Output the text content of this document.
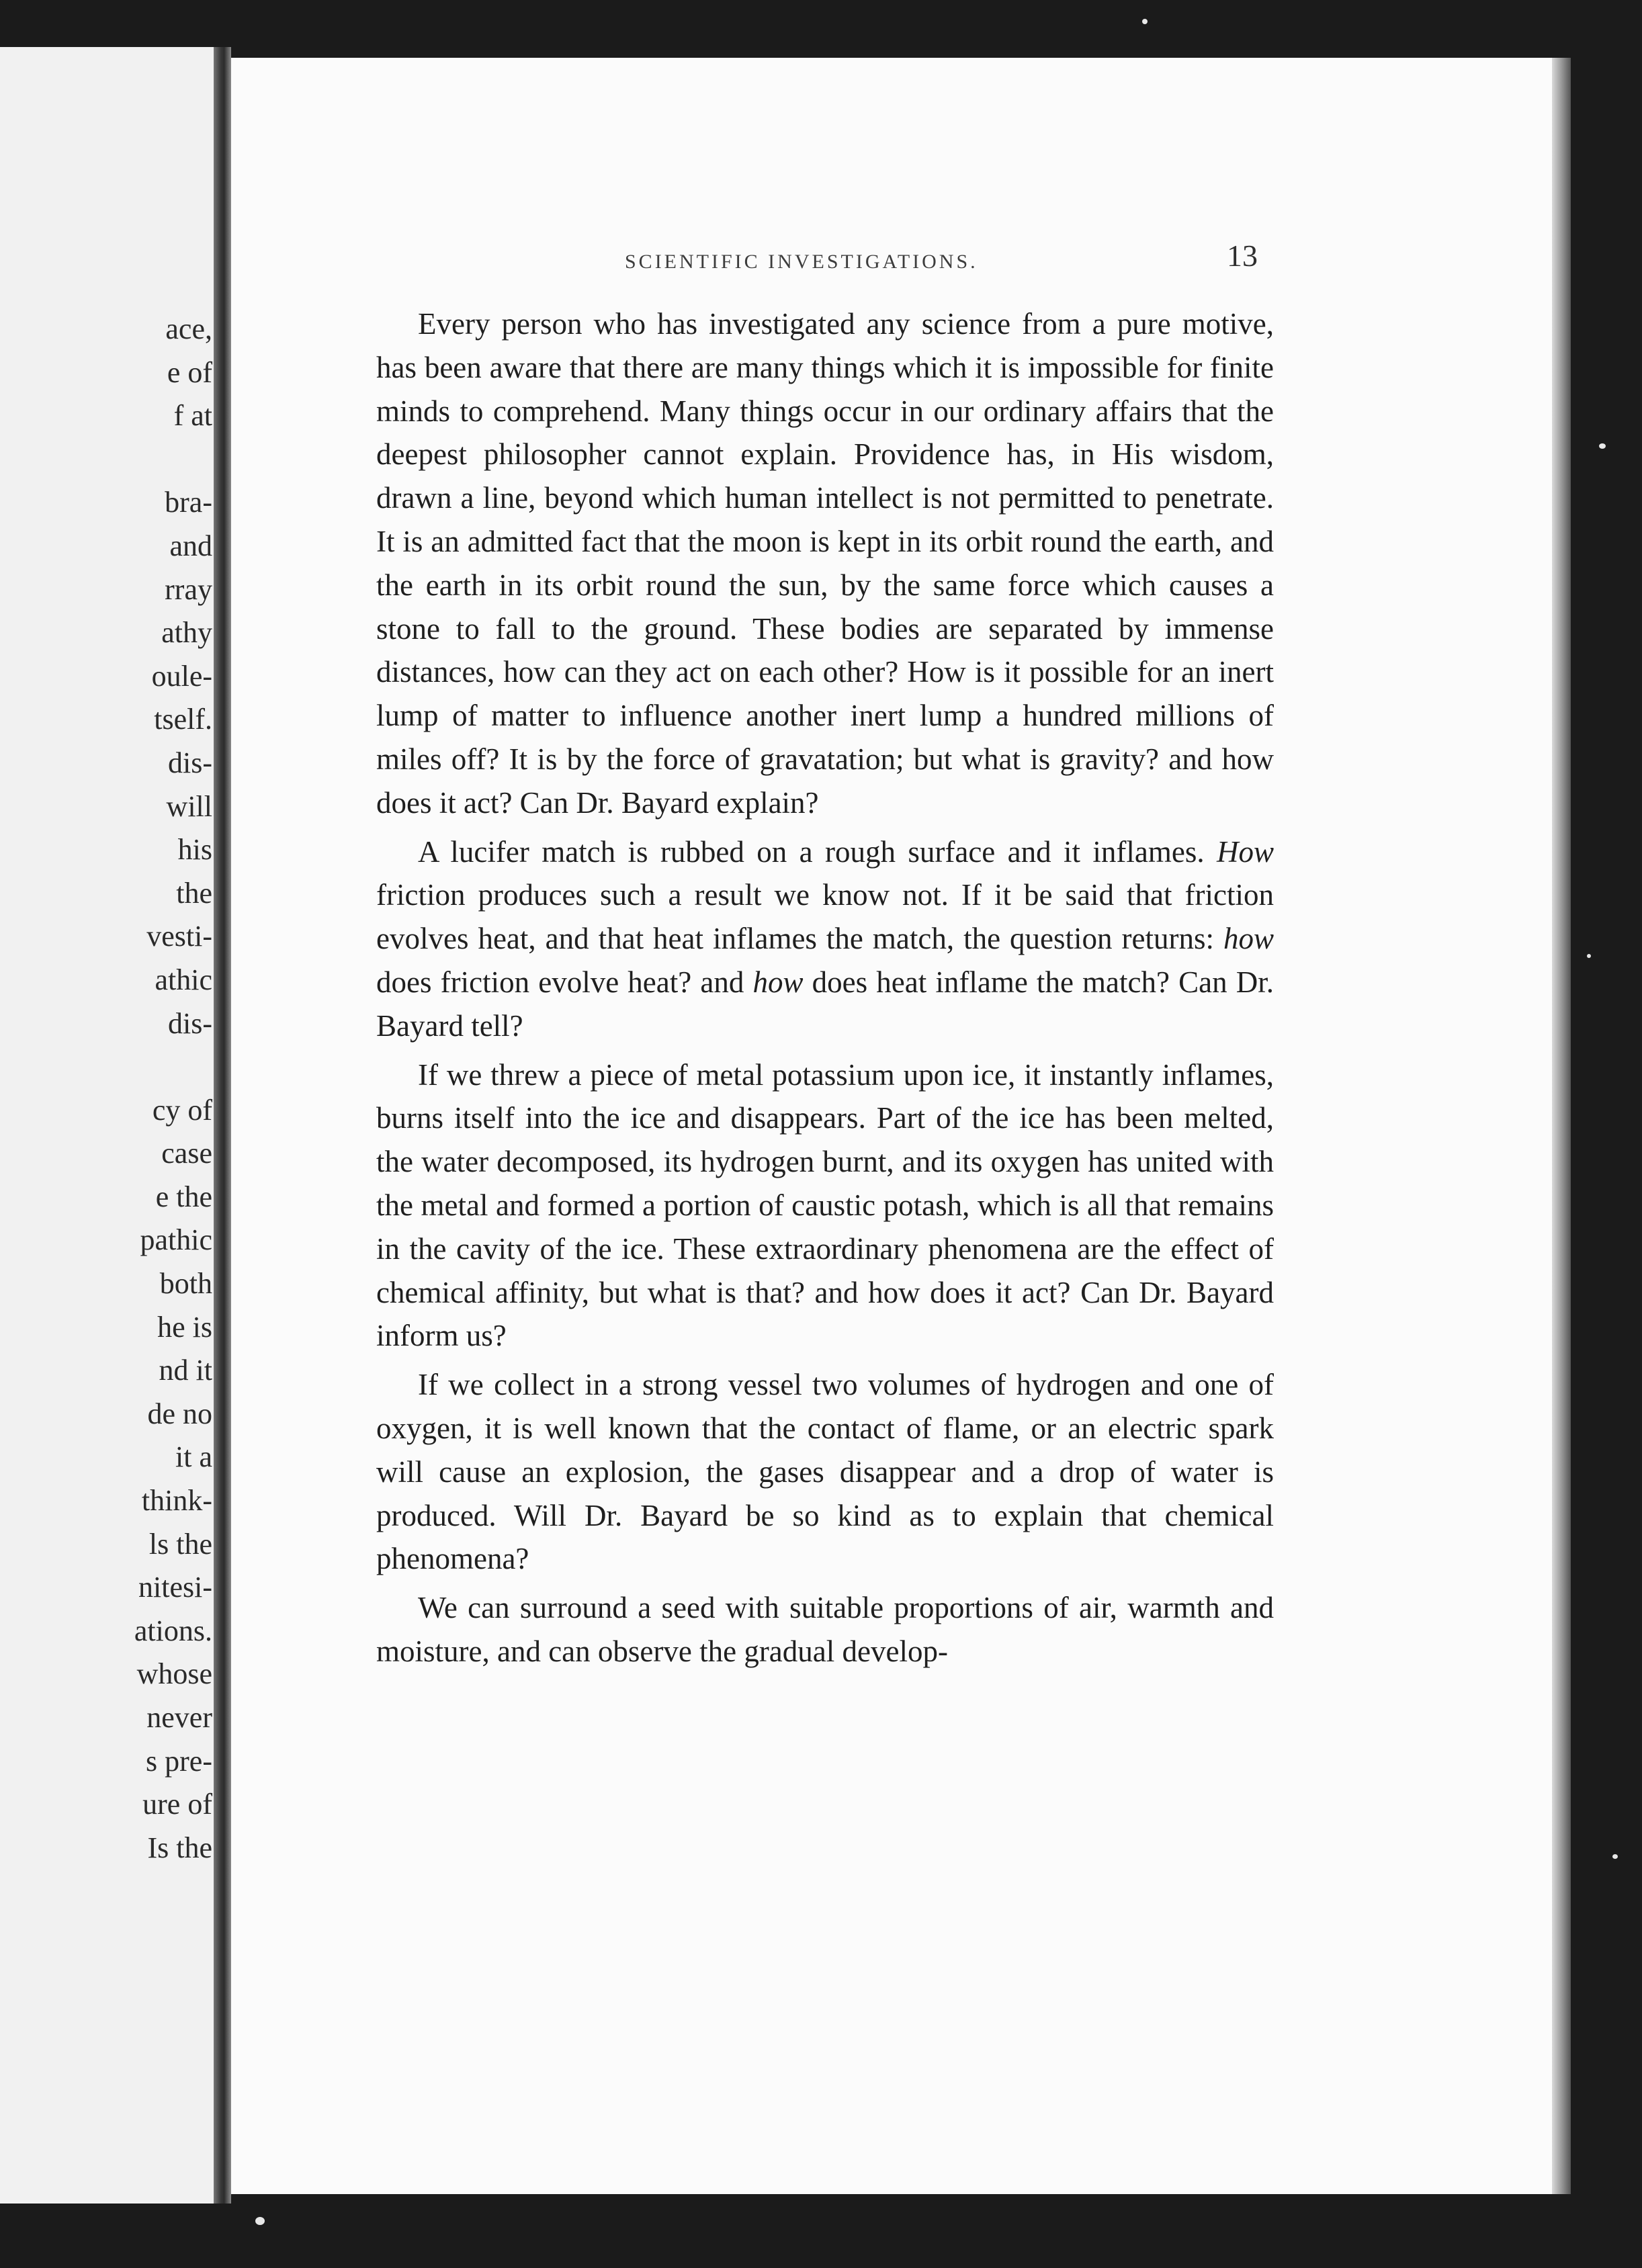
ace,
e of
f at
bra-
and
rray
athy
oule-
tself.
dis-
will
his
the
vesti-
athic
dis-
cy of
case
e the
pathic
both
he is
nd it
de no
it a
think-
ls the
nitesi-
ations.
whose
never
s pre-
ure of
Is the
SCIENTIFIC INVESTIGATIONS.	13

Every person who has investigated any science from a pure motive, has been aware that there are many things which it is impossible for finite minds to comprehend. Many things occur in our ordinary affairs that the deepest philosopher cannot explain. Providence has, in His wisdom, drawn a line, beyond which human intellect is not permitted to penetrate. It is an admitted fact that the moon is kept in its orbit round the earth, and the earth in its orbit round the sun, by the same force which causes a stone to fall to the ground. These bodies are separated by immense distances, how can they act on each other? How is it possible for an inert lump of matter to influence another inert lump a hundred millions of miles off? It is by the force of gravatation; but what is gravity? and how does it act? Can Dr. Bayard explain?

A lucifer match is rubbed on a rough surface and it inflames. How friction produces such a result we know not. If it be said that friction evolves heat, and that heat inflames the match, the question returns: how does friction evolve heat? and how does heat inflame the match? Can Dr. Bayard tell?

If we threw a piece of metal potassium upon ice, it instantly inflames, burns itself into the ice and disappears. Part of the ice has been melted, the water decomposed, its hydrogen burnt, and its oxygen has united with the metal and formed a portion of caustic potash, which is all that remains in the cavity of the ice. These extraordinary phenomena are the effect of chemical affinity, but what is that? and how does it act? Can Dr. Bayard inform us?

If we collect in a strong vessel two volumes of hydrogen and one of oxygen, it is well known that the contact of flame, or an electric spark will cause an explosion, the gases disappear and a drop of water is produced. Will Dr. Bayard be so kind as to explain that chemical phenomena?

We can surround a seed with suitable proportions of air, warmth and moisture, and can observe the gradual develop-
